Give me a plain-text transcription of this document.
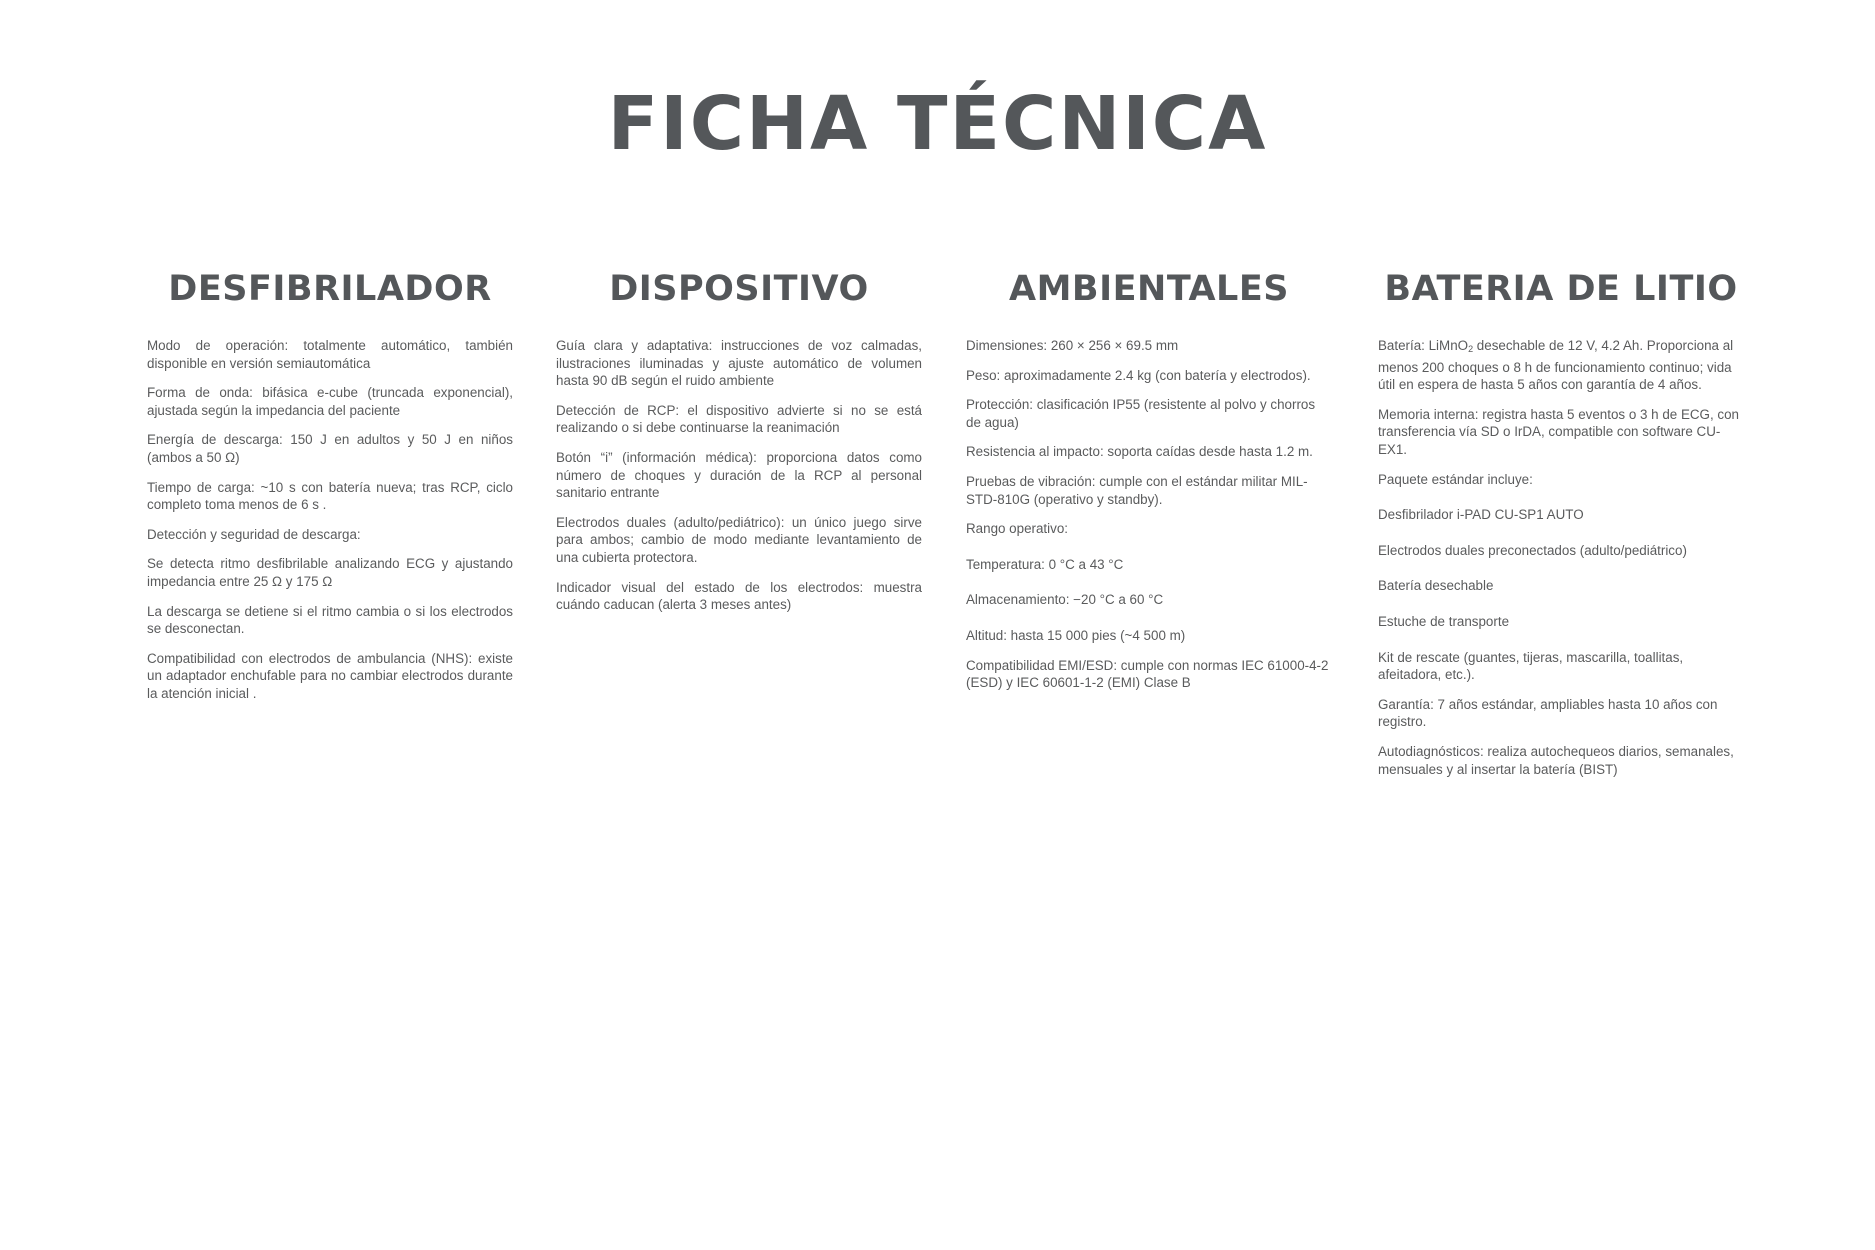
FICHA TÉCNICA
DESFIBRILADOR

Modo de operación: totalmente automático, también disponible en versión semiautomática

Forma de onda: bifásica e-cube (truncada exponencial), ajustada según la impedancia del paciente

Energía de descarga: 150 J en adultos y 50 J en niños (ambos a 50 Ω)

Tiempo de carga: ~10 s con batería nueva; tras RCP, ciclo completo toma menos de 6 s .

Detección y seguridad de descarga:

Se detecta ritmo desfibrilable analizando ECG y ajustando impedancia entre 25 Ω y 175 Ω

La descarga se detiene si el ritmo cambia o si los electrodos se desconectan.

Compatibilidad con electrodos de ambulancia (NHS): existe un adaptador enchufable para no cambiar electrodos durante la atención inicial .

DISPOSITIVO

Guía clara y adaptativa: instrucciones de voz calmadas, ilustraciones iluminadas y ajuste automático de volumen hasta 90 dB según el ruido ambiente

Detección de RCP: el dispositivo advierte si no se está realizando o si debe continuarse la reanimación

Botón “i” (información médica): proporciona datos como número de choques y duración de la RCP al personal sanitario entrante

Electrodos duales (adulto/pediátrico): un único juego sirve para ambos; cambio de modo mediante levantamiento de una cubierta protectora.

Indicador visual del estado de los electrodos: muestra cuándo caducan (alerta 3 meses antes)

AMBIENTALES

Dimensiones: 260 × 256 × 69.5 mm

Peso: aproximadamente 2.4 kg (con batería y electrodos).

Protección: clasificación IP55 (resistente al polvo y chorros de agua)

Resistencia al impacto: soporta caídas desde hasta 1.2 m.

Pruebas de vibración: cumple con el estándar militar MIL-STD-810G (operativo y standby).

Rango operativo:

Temperatura: 0 °C a 43 °C

Almacenamiento: −20 °C a 60 °C

Altitud: hasta 15 000 pies (~4 500 m)

Compatibilidad EMI/ESD: cumple con normas IEC 61000-4-2 (ESD) y IEC 60601-1-2 (EMI) Clase B

BATERIA DE LITIO

Batería: LiMnO$_2$ desechable de 12 V, 4.2 Ah. Proporciona al menos 200 choques o 8 h de funcionamiento continuo; vida útil en espera de hasta 5 años con garantía de 4 años.

Memoria interna: registra hasta 5 eventos o 3 h de ECG, con transferencia vía SD o IrDA, compatible con software CU-EX1.

Paquete estándar incluye:

Desfibrilador i-PAD CU-SP1 AUTO

Electrodos duales preconectados (adulto/pediátrico)

Batería desechable

Estuche de transporte

Kit de rescate (guantes, tijeras, mascarilla, toallitas, afeitadora, etc.).

Garantía: 7 años estándar, ampliables hasta 10 años con registro.

Autodiagnósticos: realiza autochequeos diarios, semanales, mensuales y al insertar la batería (BIST)
